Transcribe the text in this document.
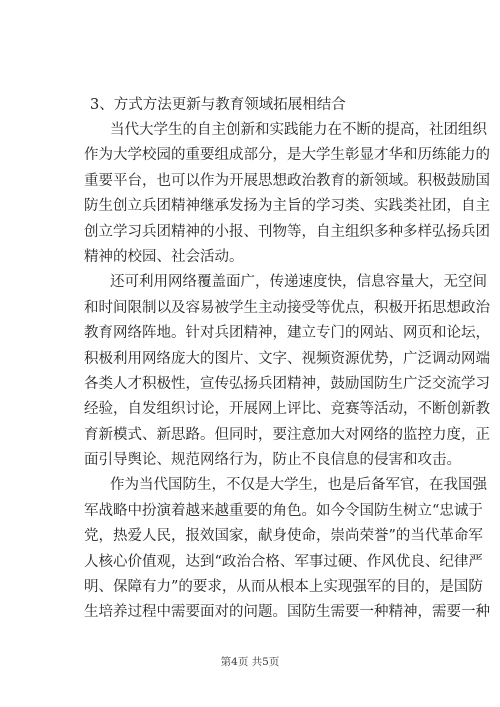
3、方式方法更新与教育领域拓展相结合
当代大学生的自主创新和实践能力在不断的提高，社团组织
作为大学校园的重要组成部分，是大学生彰显才华和历练能力的
重要平台，也可以作为开展思想政治教育的新领域。积极鼓励国
防生创立兵团精神继承发扬为主旨的学习类、实践类社团，自主
创立学习兵团精神的小报、刊物等，自主组织多种多样弘扬兵团
精神的校园、社会活动。
还可利用网络覆盖面广，传递速度快，信息容量大，无空间
和时间限制以及容易被学生主动接受等优点，积极开拓思想政治
教育网络阵地。针对兵团精神，建立专门的网站、网页和论坛，
积极利用网络庞大的图片、文字、视频资源优势，广泛调动网端
各类人才积极性，宣传弘扬兵团精神，鼓励国防生广泛交流学习
经验，自发组织讨论，开展网上评比、竞赛等活动，不断创新教
育新模式、新思路。但同时，要注意加大对网络的监控力度，正
面引导舆论、规范网络行为，防止不良信息的侵害和攻击。
作为当代国防生，不仅是大学生，也是后备军官，在我国强
军战略中扮演着越来越重要的角色。如今令国防生树立“忠诚于
党，热爱人民，报效国家，献身使命，崇尚荣誉”的当代革命军
人核心价值观，达到“政治合格、军事过硬、作风优良、纪律严
明、保障有力”的要求，从而从根本上实现强军的目的，是国防
生培养过程中需要面对的问题。国防生需要一种精神，需要一种
第4页 共5页
